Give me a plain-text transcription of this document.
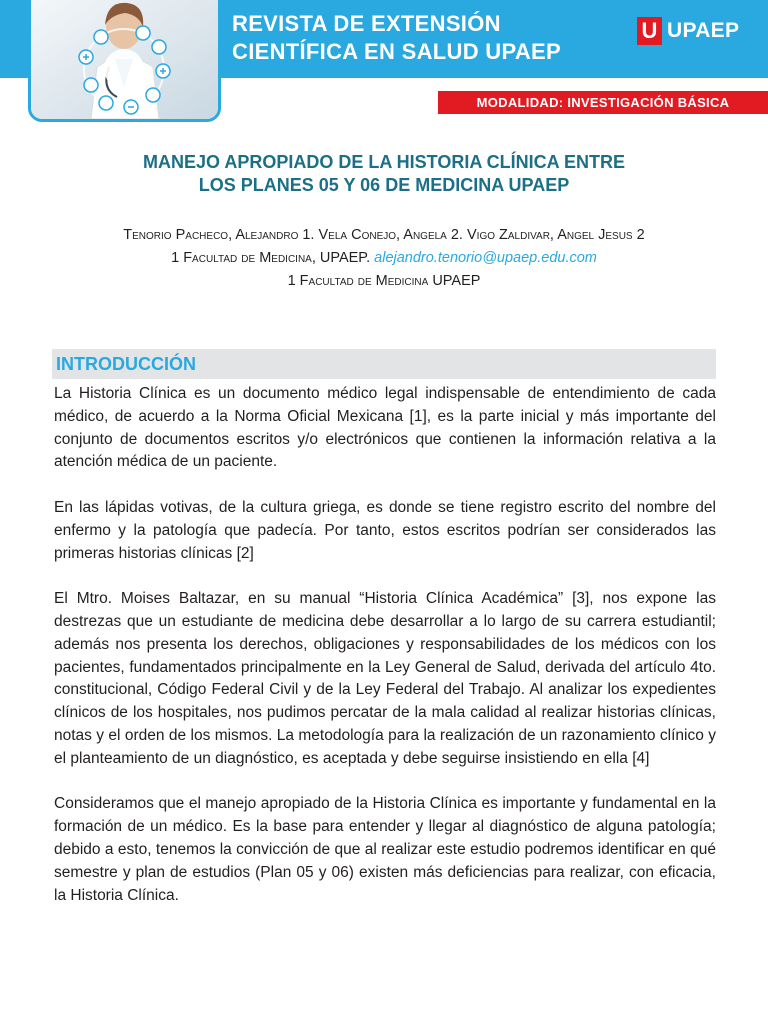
REVISTA DE EXTENSIÓN
CIENTÍFICA EN SALUD UPAEP
U UPAEP
MODALIDAD: INVESTIGACIÓN BÁSICA
MANEJO APROPIADO DE LA HISTORIA CLÍNICA ENTRE
LOS PLANES 05 Y 06 DE MEDICINA UPAEP
Tenorio Pacheco, Alejandro 1. Vela Conejo, Angela 2. Vigo Zaldivar, Angel Jesus 2
1 Facultad de Medicina, UPAEP. alejandro.tenorio@upaep.edu.com
1 Facultad de Medicina UPAEP
INTRODUCCIÓN

La Historia Clínica es un documento médico legal indispensable de entendimiento de cada médico, de acuerdo a la Norma Oficial Mexicana [1], es la parte inicial y más importante del conjunto de documentos escritos y/o electrónicos que contienen la información relativa a la atención médica de un paciente.

En las lápidas votivas, de la cultura griega, es donde se tiene registro escrito del nombre del enfermo y la patología que padecía. Por tanto, estos escritos podrían ser considerados las primeras historias clínicas [2]

El Mtro. Moises Baltazar, en su manual “Historia Clínica Académica” [3], nos expone las destrezas que un estudiante de medicina debe desarrollar a lo largo de su carrera estudiantil; además nos presenta los derechos, obligaciones y responsabilidades de los médicos con los pacientes, fundamentados principalmente en la Ley General de Salud, derivada del artículo 4to. constitucional, Código Federal Civil y de la Ley Federal del Trabajo. Al analizar los expedientes clínicos de los hospitales, nos pudimos percatar de la mala calidad al realizar historias clínicas, notas y el orden de los mismos. La metodología para la realización de un razonamiento clínico y el planteamiento de un diagnóstico, es aceptada y debe seguirse insistiendo en ella [4]

Consideramos que el manejo apropiado de la Historia Clínica es importante y fundamental en la formación de un médico. Es la base para entender y llegar al diagnóstico de alguna patología; debido a esto, tenemos la convicción de que al realizar este estudio podremos identificar en qué semestre y plan de estudios (Plan 05 y 06) existen más deficiencias para realizar, con eficacia, la Historia Clínica.
